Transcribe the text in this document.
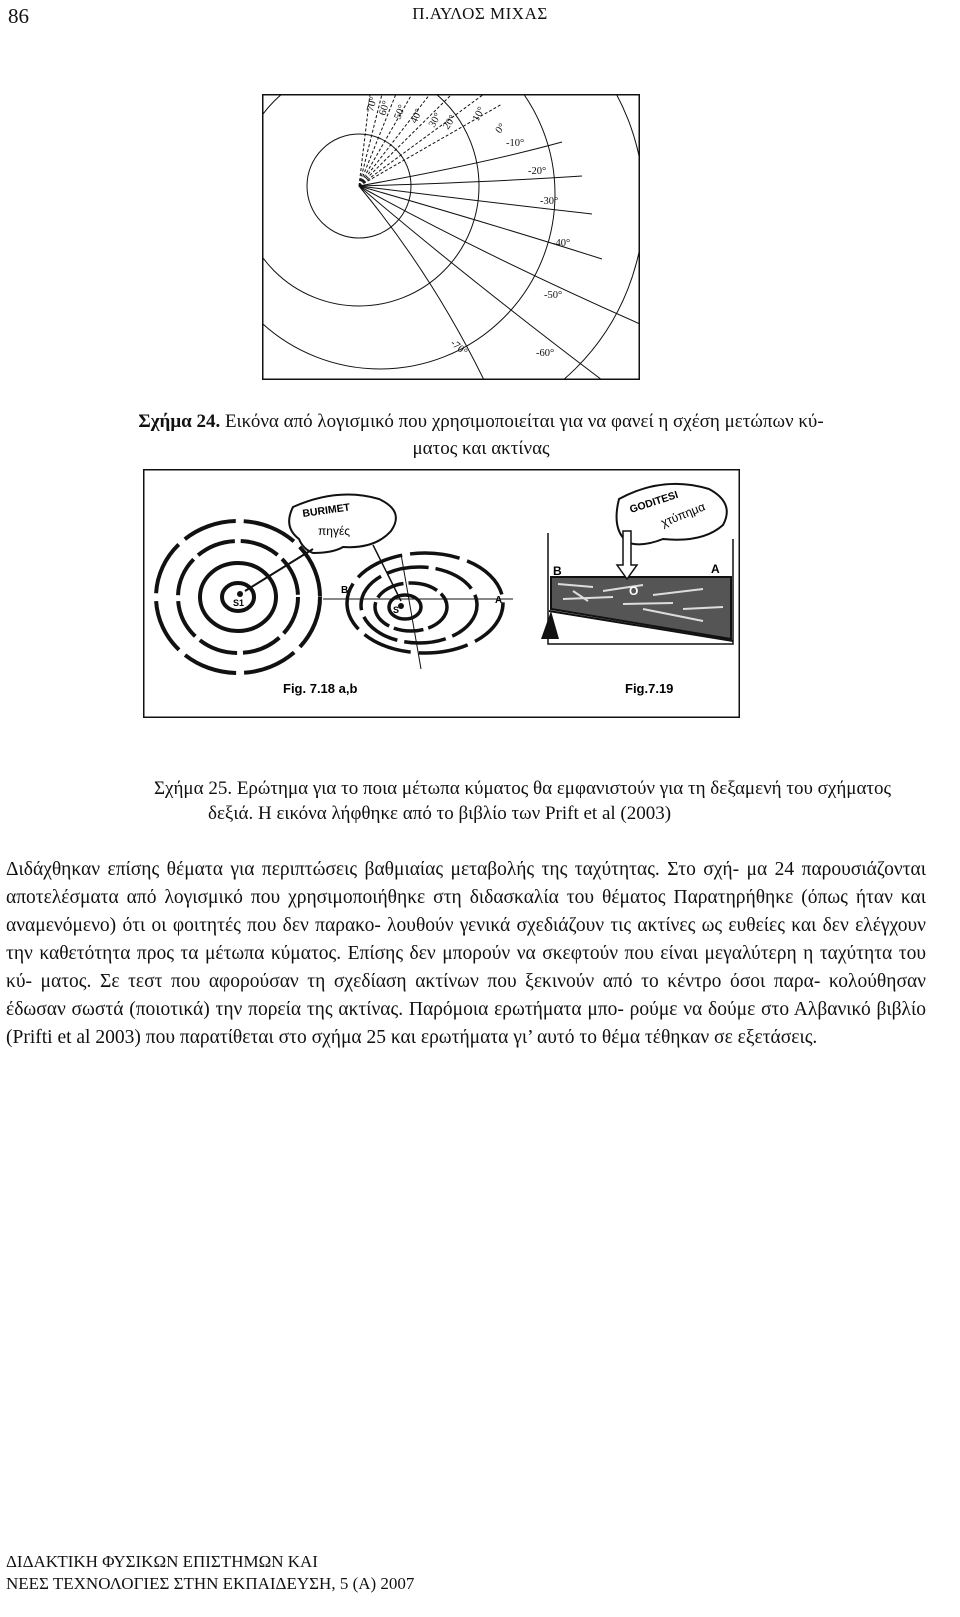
86	Π.ΑΥΛΟΣ ΜΙΧΑΣ
70°
60° 50° 40° 30°
20° 10°
0°
-10°
-20°
-30°
-40°
-50°
-60°
-70°
Σχήμα 24. Εικόνα από λογισμικό που χρησιμοποιείται για να φανεί η σχέση μετώπων κύ-
ματος και ακτίνας
S1
S
B
A
BURIMET
πηγές
B	A
O
GODITESI
χτύπημα
Fig. 7.18 a,b	Fig.7.19
Σχήμα 25. Ερώτημα για το ποια μέτωπα κύματος θα εμφανιστούν για τη δεξαμενή του σχήματος
δεξιά. Η εικόνα λήφθηκε από το βιβλίο των Prift et al (2003)

Διδάχθηκαν επίσης θέματα για περιπτώσεις βαθμιαίας μεταβολής της ταχύτητας. Στο σχή- μα 24 παρουσιάζονται αποτελέσματα από λογισμικό που χρησιμοποιήθηκε στη διδασκαλία του θέματος Παρατηρήθηκε (όπως ήταν και αναμενόμενο) ότι οι φοιτητές που δεν παρακο- λουθούν γενικά σχεδιάζουν τις ακτίνες ως ευθείες και δεν ελέγχουν την καθετότητα προς τα μέτωπα κύματος. Επίσης δεν μπορούν να σκεφτούν που είναι μεγαλύτερη η ταχύτητα του κύ- ματος. Σε τεστ που αφορούσαν τη σχεδίαση ακτίνων που ξεκινούν από το κέντρο όσοι παρα- κολούθησαν έδωσαν σωστά (ποιοτικά) την πορεία της ακτίνας. Παρόμοια ερωτήματα μπο- ρούμε να δούμε στο Αλβανικό βιβλίο (Prifti et al 2003) που παρατίθεται στο σχήμα 25 και ερωτήματα γι’ αυτό το θέμα τέθηκαν σε εξετάσεις.

ΔΙΔΑΚΤΙΚΗ ΦΥΣΙΚΩΝ ΕΠΙΣΤΗΜΩΝ ΚΑΙ
ΝΕΕΣ ΤΕΧΝΟΛΟΓΙΕΣ ΣΤΗΝ ΕΚΠΑΙΔΕΥΣΗ, 5 (Α) 2007
